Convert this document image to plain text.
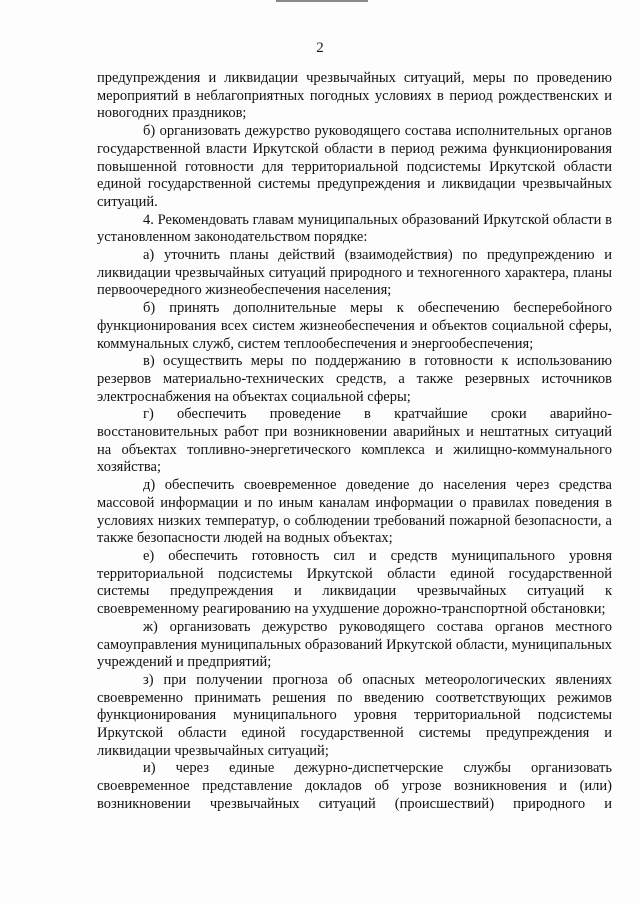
2

предупреждения и ликвидации чрезвычайных ситуаций, меры по проведению мероприятий в неблагоприятных погодных условиях в период рождественских и новогодних праздников;

б) организовать дежурство руководящего состава исполнительных органов государственной власти Иркутской области в период режима функционирования повышенной готовности для территориальной подсистемы Иркутской области единой государственной системы предупреждения и ликвидации чрезвычайных ситуаций.

4. Рекомендовать главам муниципальных образований Иркутской области в установленном законодательством порядке:

а) уточнить планы действий (взаимодействия) по предупреждению и ликвидации чрезвычайных ситуаций природного и техногенного характера, планы первоочередного жизнеобеспечения населения;

б) принять дополнительные меры к обеспечению бесперебойного функционирования всех систем жизнеобеспечения и объектов социальной сферы, коммунальных служб, систем теплообеспечения и энергообеспечения;

в) осуществить меры по поддержанию в готовности к использованию резервов материально-технических средств, а также резервных источников электроснабжения на объектах социальной сферы;

г) обеспечить проведение в кратчайшие сроки аварийно-восстановительных работ при возникновении аварийных и нештатных ситуаций на объектах топливно-энергетического комплекса и жилищно-коммунального хозяйства;

д) обеспечить своевременное доведение до населения через средства массовой информации и по иным каналам информации о правилах поведения в условиях низких температур, о соблюдении требований пожарной безопасности, а также безопасности людей на водных объектах;

е) обеспечить готовность сил и средств муниципального уровня территориальной подсистемы Иркутской области единой государственной системы предупреждения и ликвидации чрезвычайных ситуаций к своевременному реагированию на ухудшение дорожно-транспортной обстановки;

ж) организовать дежурство руководящего состава органов местного самоуправления муниципальных образований Иркутской области, муниципальных учреждений и предприятий;

з) при получении прогноза об опасных метеорологических явлениях своевременно принимать решения по введению соответствующих режимов функционирования муниципального уровня территориальной подсистемы Иркутской области единой государственной системы предупреждения и ликвидации чрезвычайных ситуаций;

и) через единые дежурно-диспетчерские службы организовать своевременное представление докладов об угрозе возникновения и (или) возникновении чрезвычайных ситуаций (происшествий) природного и
